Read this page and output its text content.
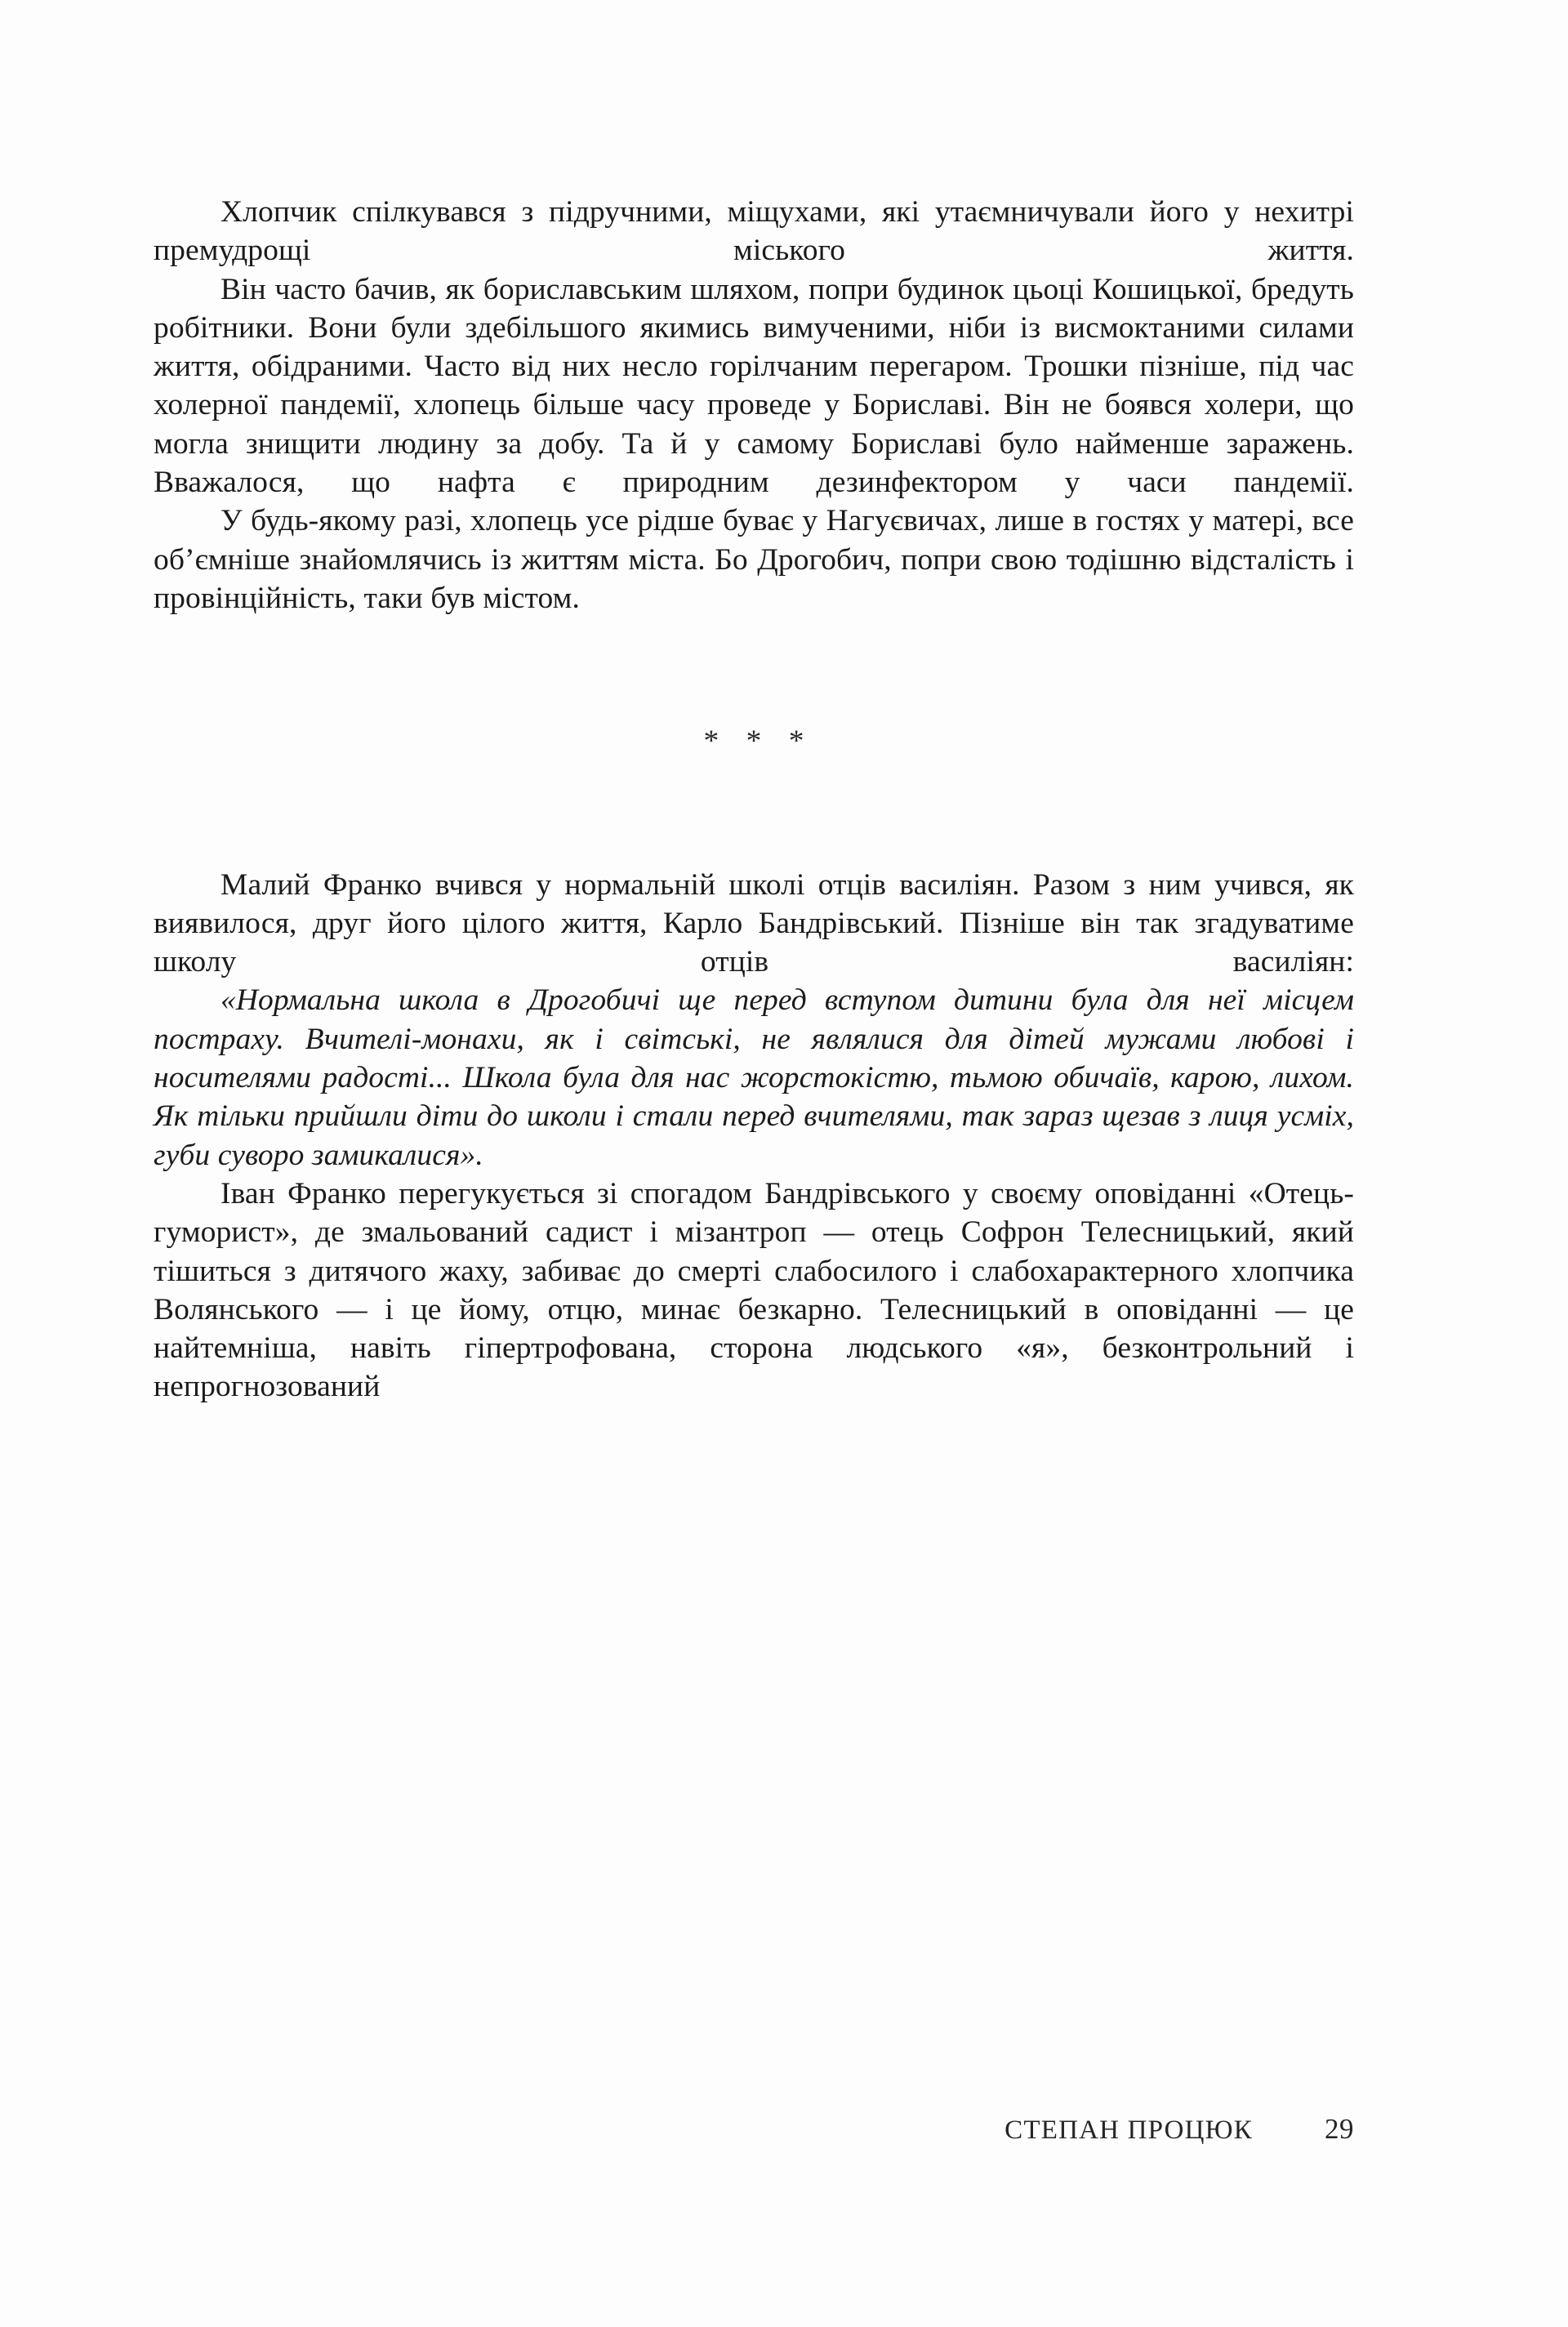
Хлопчик спілкувався з підручними, міщухами, які утаємничували його у нехитрі премудрощі міського життя.

Він часто бачив, як бориславським шляхом, попри будинок цьоці Кошицької, бредуть робітники. Вони були здебільшого якимись вимученими, ніби із висмоктаними силами життя, обідраними. Часто від них несло горілчаним перегаром. Трошки пізніше, під час холерної пандемії, хлопець більше часу проведе у Бориславі. Він не боявся холери, що могла знищити людину за добу. Та й у самому Бориславі було найменше заражень. Вважалося, що нафта є природним дезинфектором у часи пандемії.

У будь-якому разі, хлопець усе рідше буває у Нагуєвичах, лише в гостях у матері, все об’ємніше знайомлячись із життям міста. Бо Дрогобич, попри свою тодішню відсталість і провінційність, таки був містом.

* * *

Малий Франко вчився у нормальній школі отців василіян. Разом з ним учився, як виявилося, друг його цілого життя, Карло Бандрівський. Пізніше він так згадуватиме школу отців василіян:

«Нормальна школа в Дрогобичі ще перед вступом дитини була для неї місцем постраху. Вчителі-монахи, як і світські, не являлися для дітей мужами любові і носителями радості... Школа була для нас жорстокістю, тьмою обичаїв, карою, лихом. Як тільки прийшли діти до школи і стали перед вчителями, так зараз щезав з лиця усміх, губи суворо замикалися».

Іван Франко перегукується зі спогадом Бандрівського у своєму оповіданні «Отець-гуморист», де змальований садист і мізантроп — отець Софрон Телесницький, який тішиться з дитячого жаху, забиває до смерті слабосилого і слабохарактерного хлопчика Волянського — і це йому, отцю, минає безкарно. Телесницький в оповіданні — це найтемніша, навіть гіпертрофована, сторона людського «я», безконтрольний і непрогнозований

СТЕПАН ПРОЦЮК	29
